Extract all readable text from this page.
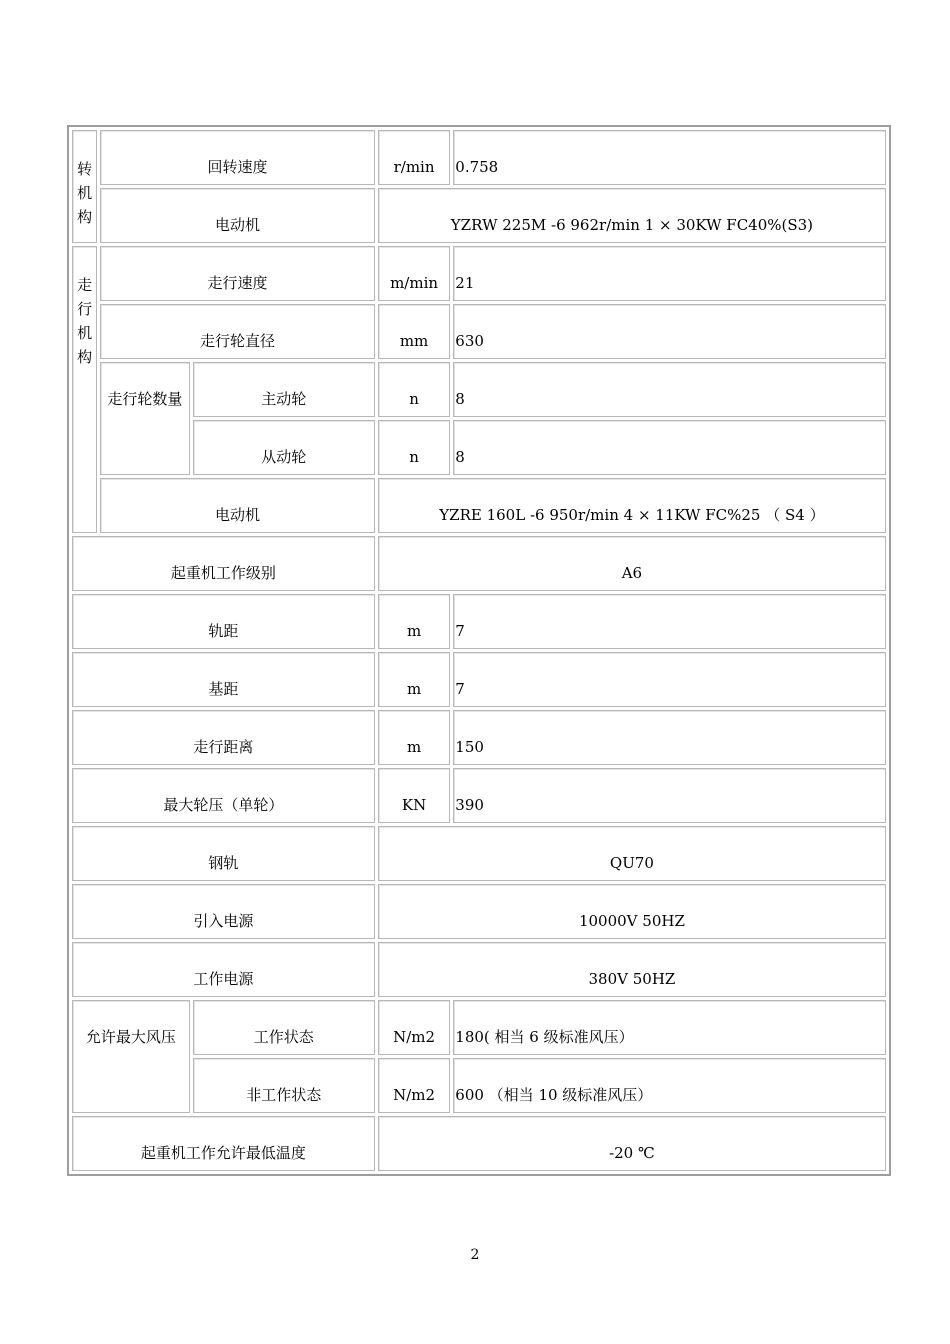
转机构	回转速度		r/min	0.758
	电动机		YZRW 225M -6 962r/min 1 × 30KW FC40%(S3)	
走行机构	走行速度		m/min	21
	走行轮直径		mm	630
	走行轮数量	主动轮	n	8
		从动轮	n	8
	电动机		YZRE 160L -6 950r/min 4 × 11KW FC%25 （ S4 ）	
起重机工作级别			A6	
轨距			m	7
基距			m	7
走行距离			m	150
最大轮压（单轮）			KN	390
钢轨			QU70	
引入电源			10000V 50HZ	
工作电源			380V 50HZ	
允许最大风压		工作状态	N/m2	180( 相当 6 级标准风压）
		非工作状态	N/m2	600 （相当 10 级标准风压）
起重机工作允许最低温度			-20 ℃	
2
